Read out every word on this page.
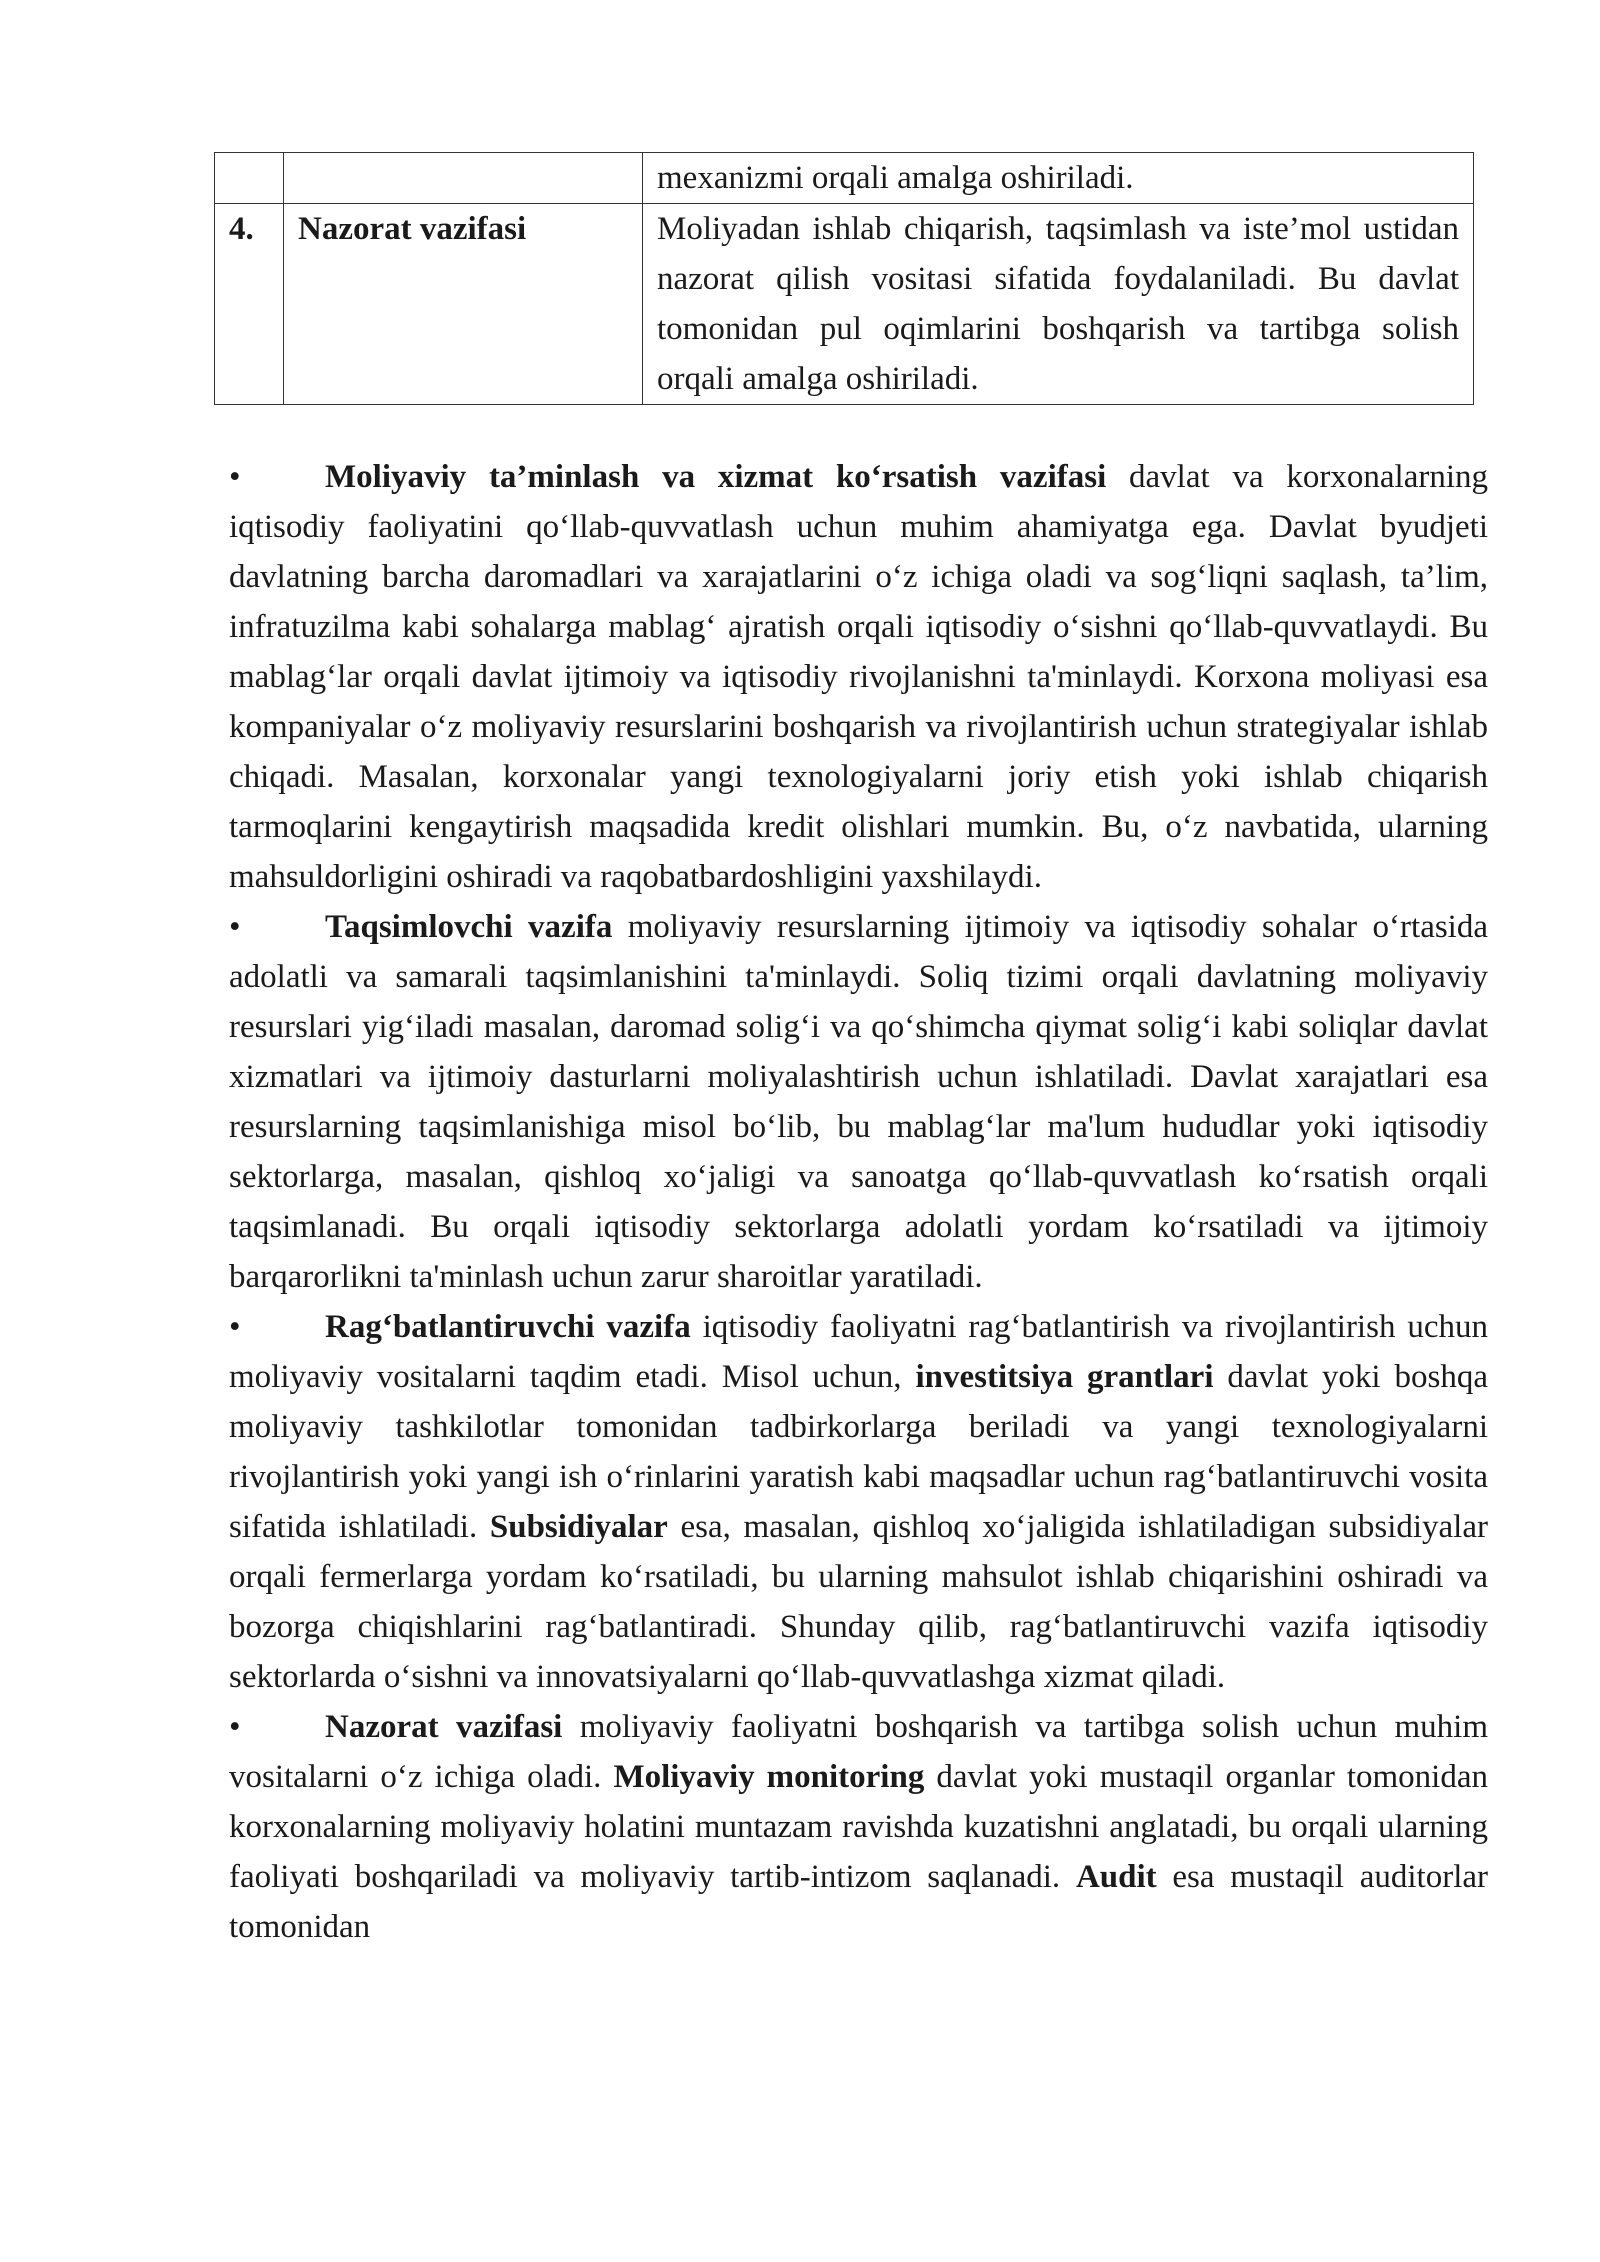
		mexanizmi orqali amalga oshiriladi.
4.	Nazorat vazifasi	Moliyadan ishlab chiqarish, taqsimlash va iste’mol ustidan nazorat qilish vositasi sifatida foydalaniladi. Bu davlat tomonidan pul oqimlarini boshqarish va tartibga solish orqali amalga oshiriladi.

•	Moliyaviy ta’minlash va xizmat ko‘rsatish vazifasi davlat va korxonalarning iqtisodiy faoliyatini qo‘llab-quvvatlash uchun muhim ahamiyatga ega. Davlat byudjeti davlatning barcha daromadlari va xarajatlarini o‘z ichiga oladi va sog‘liqni saqlash, ta’lim, infratuzilma kabi sohalarga mablag‘ ajratish orqali iqtisodiy o‘sishni qo‘llab-quvvatlaydi. Bu mablag‘lar orqali davlat ijtimoiy va iqtisodiy rivojlanishni ta'minlaydi. Korxona moliyasi esa kompaniyalar o‘z moliyaviy resurslarini boshqarish va rivojlantirish uchun strategiyalar ishlab chiqadi. Masalan, korxonalar yangi texnologiyalarni joriy etish yoki ishlab chiqarish tarmoqlarini kengaytirish maqsadida kredit olishlari mumkin. Bu, o‘z navbatida, ularning mahsuldorligini oshiradi va raqobatbardoshligini yaxshilaydi.

•	Taqsimlovchi vazifa moliyaviy resurslarning ijtimoiy va iqtisodiy sohalar o‘rtasida adolatli va samarali taqsimlanishini ta'minlaydi. Soliq tizimi orqali davlatning moliyaviy resurslari yig‘iladi masalan, daromad solig‘i va qo‘shimcha qiymat solig‘i kabi soliqlar davlat xizmatlari va ijtimoiy dasturlarni moliyalashtirish uchun ishlatiladi. Davlat xarajatlari esa resurslarning taqsimlanishiga misol bo‘lib, bu mablag‘lar ma'lum hududlar yoki iqtisodiy sektorlarga, masalan, qishloq xo‘jaligi va sanoatga qo‘llab-quvvatlash ko‘rsatish orqali taqsimlanadi. Bu orqali iqtisodiy sektorlarga adolatli yordam ko‘rsatiladi va ijtimoiy barqarorlikni ta'minlash uchun zarur sharoitlar yaratiladi.

•	Rag‘batlantiruvchi vazifa iqtisodiy faoliyatni rag‘batlantirish va rivojlantirish uchun moliyaviy vositalarni taqdim etadi. Misol uchun, investitsiya grantlari davlat yoki boshqa moliyaviy tashkilotlar tomonidan tadbirkorlarga beriladi va yangi texnologiyalarni rivojlantirish yoki yangi ish o‘rinlarini yaratish kabi maqsadlar uchun rag‘batlantiruvchi vosita sifatida ishlatiladi. Subsidiyalar esa, masalan, qishloq xo‘jaligida ishlatiladigan subsidiyalar orqali fermerlarga yordam ko‘rsatiladi, bu ularning mahsulot ishlab chiqarishini oshiradi va bozorga chiqishlarini rag‘batlantiradi. Shunday qilib, rag‘batlantiruvchi vazifa iqtisodiy sektorlarda o‘sishni va innovatsiyalarni qo‘llab-quvvatlashga xizmat qiladi.

•	Nazorat vazifasi moliyaviy faoliyatni boshqarish va tartibga solish uchun muhim vositalarni o‘z ichiga oladi. Moliyaviy monitoring davlat yoki mustaqil organlar tomonidan korxonalarning moliyaviy holatini muntazam ravishda kuzatishni anglatadi, bu orqali ularning faoliyati boshqariladi va moliyaviy tartib-intizom saqlanadi. Audit esa mustaqil auditorlar tomonidan
